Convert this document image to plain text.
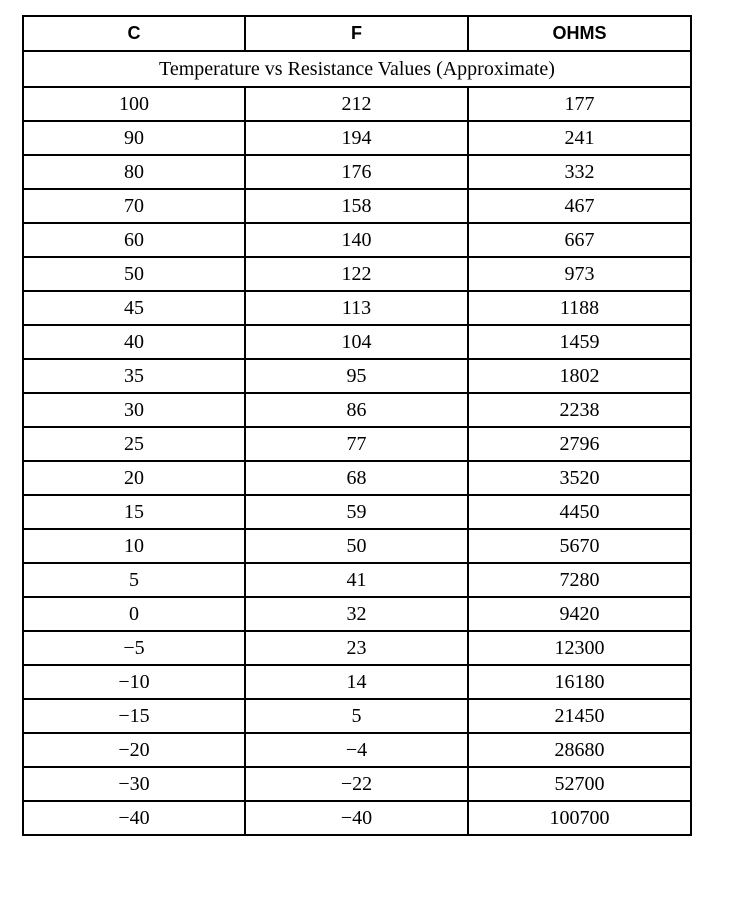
C	F	OHMS
Temperature vs Resistance Values (Approximate)		
100	212	177
90	194	241
80	176	332
70	158	467
60	140	667
50	122	973
45	113	1188
40	104	1459
35	95	1802
30	86	2238
25	77	2796
20	68	3520
15	59	4450
10	50	5670
5	41	7280
0	32	9420
−5	23	12300
−10	14	16180
−15	5	21450
−20	−4	28680
−30	−22	52700
−40	−40	100700
